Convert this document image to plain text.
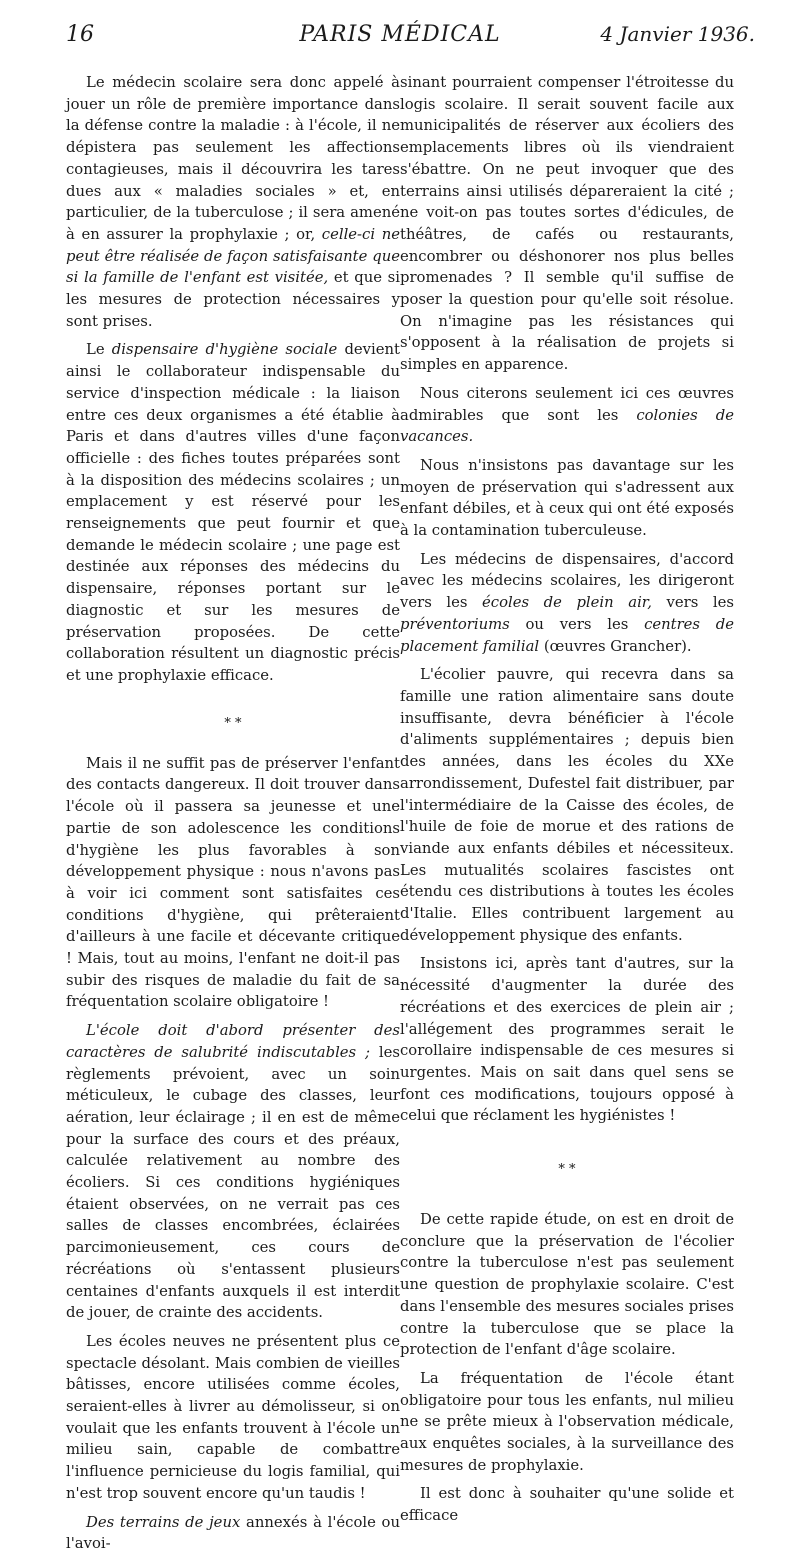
16	PARIS MÉDICAL	4 Janvier 1936.

Le médecin scolaire sera donc appelé à jouer un rôle de première importance dans la défense contre la maladie : à l'école, il ne dépistera pas seulement les affections contagieuses, mais il découvrira les tares dues aux « maladies sociales » et, en particulier, de la tuberculose ; il sera amené à en assurer la prophylaxie ; or, celle-ci ne peut être réalisée de façon satisfaisante que si la famille de l'enfant est visitée, et que si les mesures de protection nécessaires y sont prises.

Le dispensaire d'hygiène sociale devient ainsi le collaborateur indispensable du service d'inspection médicale : la liaison entre ces deux organismes a été établie à Paris et dans d'autres villes d'une façon officielle : des fiches toutes préparées sont à la disposition des médecins scolaires ; un emplacement y est réservé pour les renseignements que peut fournir et que demande le médecin scolaire ; une page est destinée aux réponses des médecins du dispensaire, réponses portant sur le diagnostic et sur les mesures de préservation proposées. De cette collaboration résultent un diagnostic précis et une prophylaxie efficace.

* *

Mais il ne suffit pas de préserver l'enfant des contacts dangereux. Il doit trouver dans l'école où il passera sa jeunesse et une partie de son adolescence les conditions d'hygiène les plus favorables à son développement physique : nous n'avons pas à voir ici comment sont satisfaites ces conditions d'hygiène, qui prêteraient d'ailleurs à une facile et décevante critique ! Mais, tout au moins, l'enfant ne doit-il pas subir des risques de maladie du fait de sa fréquentation scolaire obligatoire !

L'école doit d'abord présenter des caractères de salubrité indiscutables ; les règlements prévoient, avec un soin méticuleux, le cubage des classes, leur aération, leur éclairage ; il en est de même pour la surface des cours et des préaux, calculée relativement au nombre des écoliers. Si ces conditions hygiéniques étaient observées, on ne verrait pas ces salles de classes encombrées, éclairées parcimonieusement, ces cours de récréations où s'entassent plusieurs centaines d'enfants auxquels il est interdit de jouer, de crainte des accidents.

Les écoles neuves ne présentent plus ce spectacle désolant. Mais combien de vieilles bâtisses, encore utilisées comme écoles, seraient-elles à livrer au démolisseur, si on voulait que les enfants trouvent à l'école un milieu sain, capable de combattre l'influence pernicieuse du logis familial, qui n'est trop souvent encore qu'un taudis !

Des terrains de jeux annexés à l'école ou l'avoi-

sinant pourraient compenser l'étroitesse du logis scolaire. Il serait souvent facile aux municipalités de réserver aux écoliers des emplacements libres où ils viendraient s'ébattre. On ne peut invoquer que des terrains ainsi utilisés dépareraient la cité ; ne voit-on pas toutes sortes d'édicules, de théâtres, de cafés ou restaurants, encombrer ou déshonorer nos plus belles promenades ? Il semble qu'il suffise de poser la question pour qu'elle soit résolue. On n'imagine pas les résistances qui s'opposent à la réalisation de projets si simples en apparence.

Nous citerons seulement ici ces œuvres admirables que sont les colonies de vacances.

Nous n'insistons pas davantage sur les moyen de préservation qui s'adressent aux enfant débiles, et à ceux qui ont été exposés à la contamination tuberculeuse.

Les médecins de dispensaires, d'accord avec les médecins scolaires, les dirigeront vers les écoles de plein air, vers les préventoriums ou vers les centres de placement familial (œuvres Grancher).

L'écolier pauvre, qui recevra dans sa famille une ration alimentaire sans doute insuffisante, devra bénéficier à l'école d'aliments supplémentaires ; depuis bien des années, dans les écoles du XXe arrondissement, Dufestel fait distribuer, par l'intermédiaire de la Caisse des écoles, de l'huile de foie de morue et des rations de viande aux enfants débiles et nécessiteux. Les mutualités scolaires fascistes ont étendu ces distributions à toutes les écoles d'Italie. Elles contribuent largement au développement physique des enfants.

Insistons ici, après tant d'autres, sur la nécessité d'augmenter la durée des récréations et des exercices de plein air ; l'allégement des programmes serait le corollaire indispensable de ces mesures si urgentes. Mais on sait dans quel sens se font ces modifications, toujours opposé à celui que réclament les hygiénistes !

* *

De cette rapide étude, on est en droit de conclure que la préservation de l'écolier contre la tuberculose n'est pas seulement une question de prophylaxie scolaire. C'est dans l'ensemble des mesures sociales prises contre la tuberculose que se place la protection de l'enfant d'âge scolaire.

La fréquentation de l'école étant obligatoire pour tous les enfants, nul milieu ne se prête mieux à l'observation médicale, aux enquêtes sociales, à la surveillance des mesures de prophylaxie.

Il est donc à souhaiter qu'une solide et efficace
